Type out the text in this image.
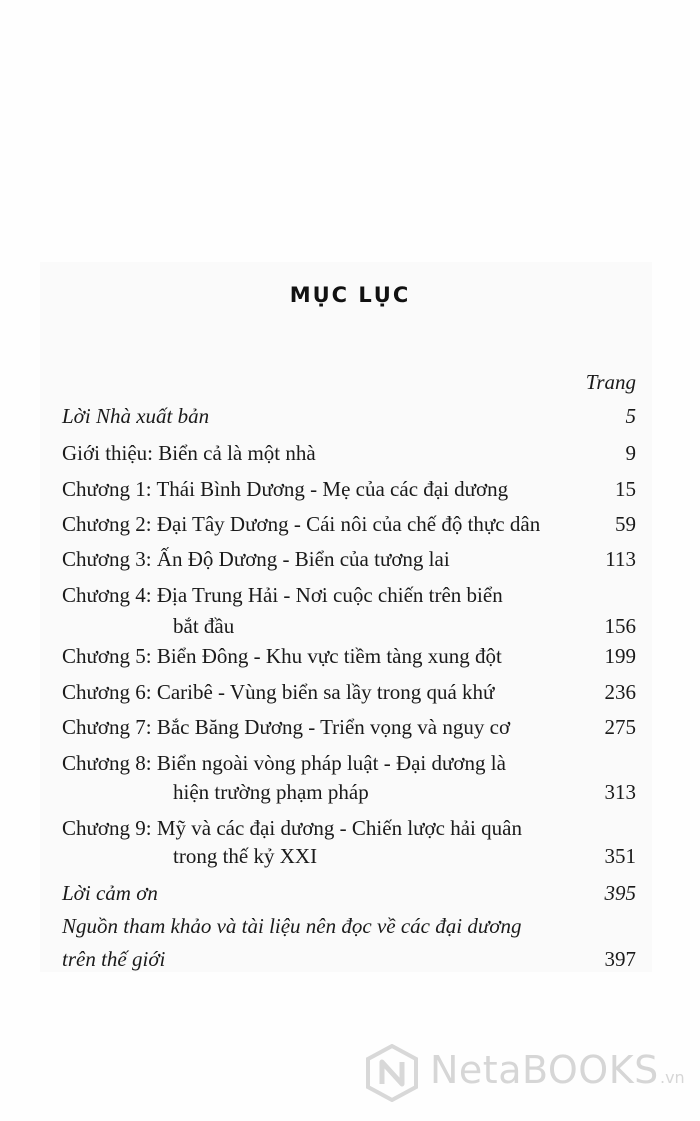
MỤC LỤC
Trang
Lời Nhà xuất bản	5
Giới thiệu: Biển cả là một nhà	9
Chương 1: Thái Bình Dương - Mẹ của các đại dương	15
Chương 2: Đại Tây Dương - Cái nôi của chế độ thực dân	59
Chương 3: Ấn Độ Dương - Biển của tương lai	113
Chương 4: Địa Trung Hải - Nơi cuộc chiến trên biển
bắt đầu	156
Chương 5: Biển Đông - Khu vực tiềm tàng xung đột	199
Chương 6: Caribê - Vùng biển sa lầy trong quá khứ	236
Chương 7: Bắc Băng Dương - Triển vọng và nguy cơ	275
Chương 8: Biển ngoài vòng pháp luật - Đại dương là
hiện trường phạm pháp	313
Chương 9: Mỹ và các đại dương - Chiến lược hải quân
trong thế kỷ XXI	351
Lời cảm ơn	395
Nguồn tham khảo và tài liệu nên đọc về các đại dương
trên thế giới	397
NetaBOOKS .vn
